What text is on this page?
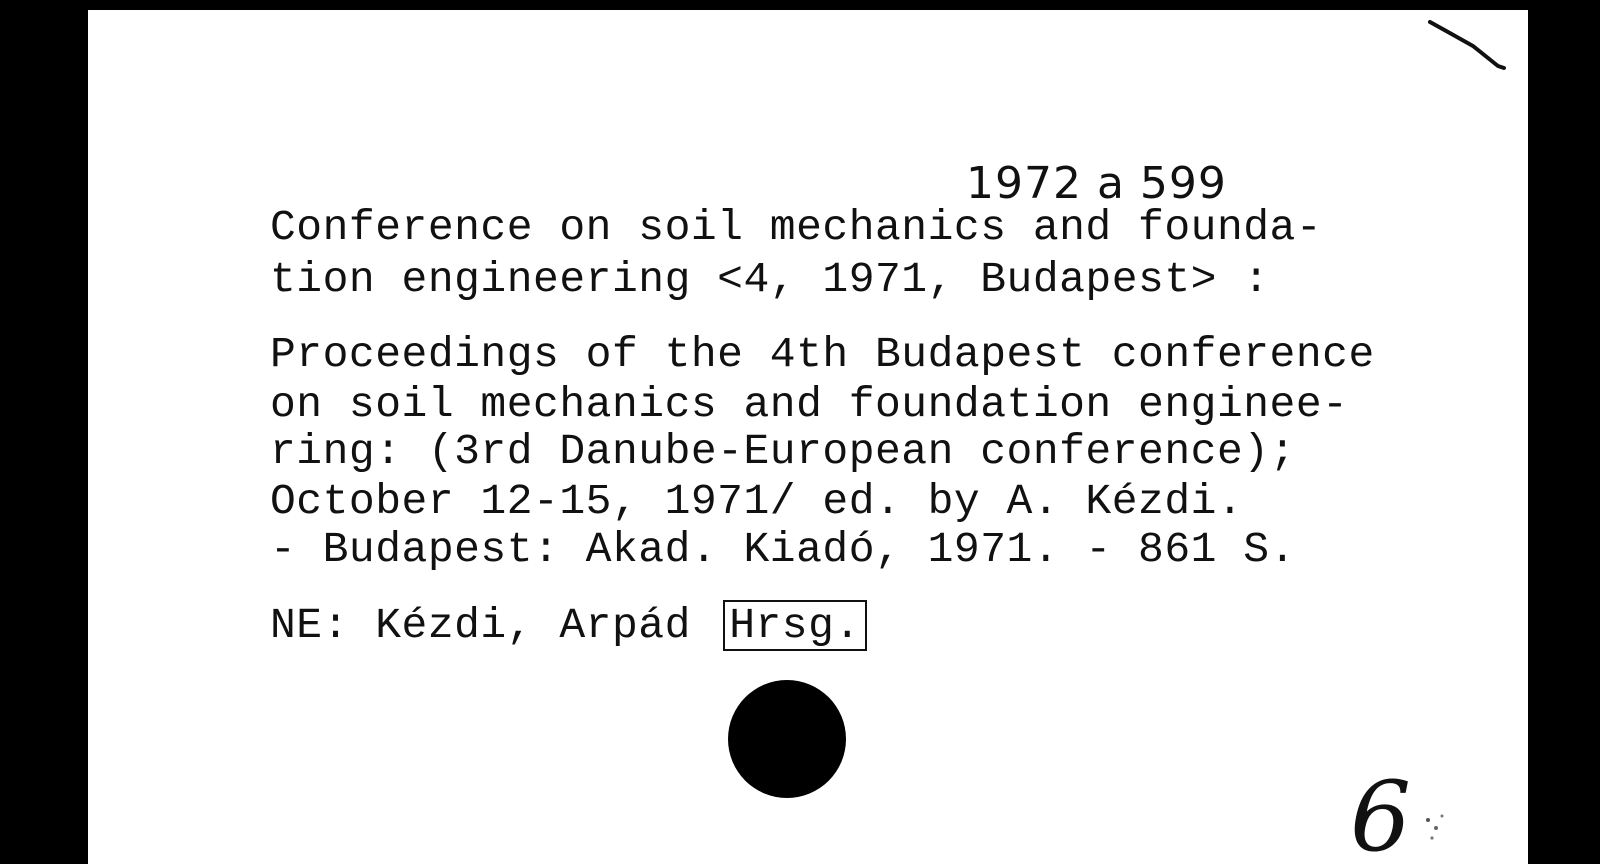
1972 a 599
Conference on soil mechanics and founda-
tion engineering <4, 1971, Budapest> :
Proceedings of the 4th Budapest conference
on soil mechanics and foundation enginee-
ring: (3rd Danube-European conference);
October 12-15, 1971/ ed. by A. Kézdi.
- Budapest: Akad. Kiadó, 1971. - 861 S.
NE: Kézdi, Arpád Hrsg.
6
